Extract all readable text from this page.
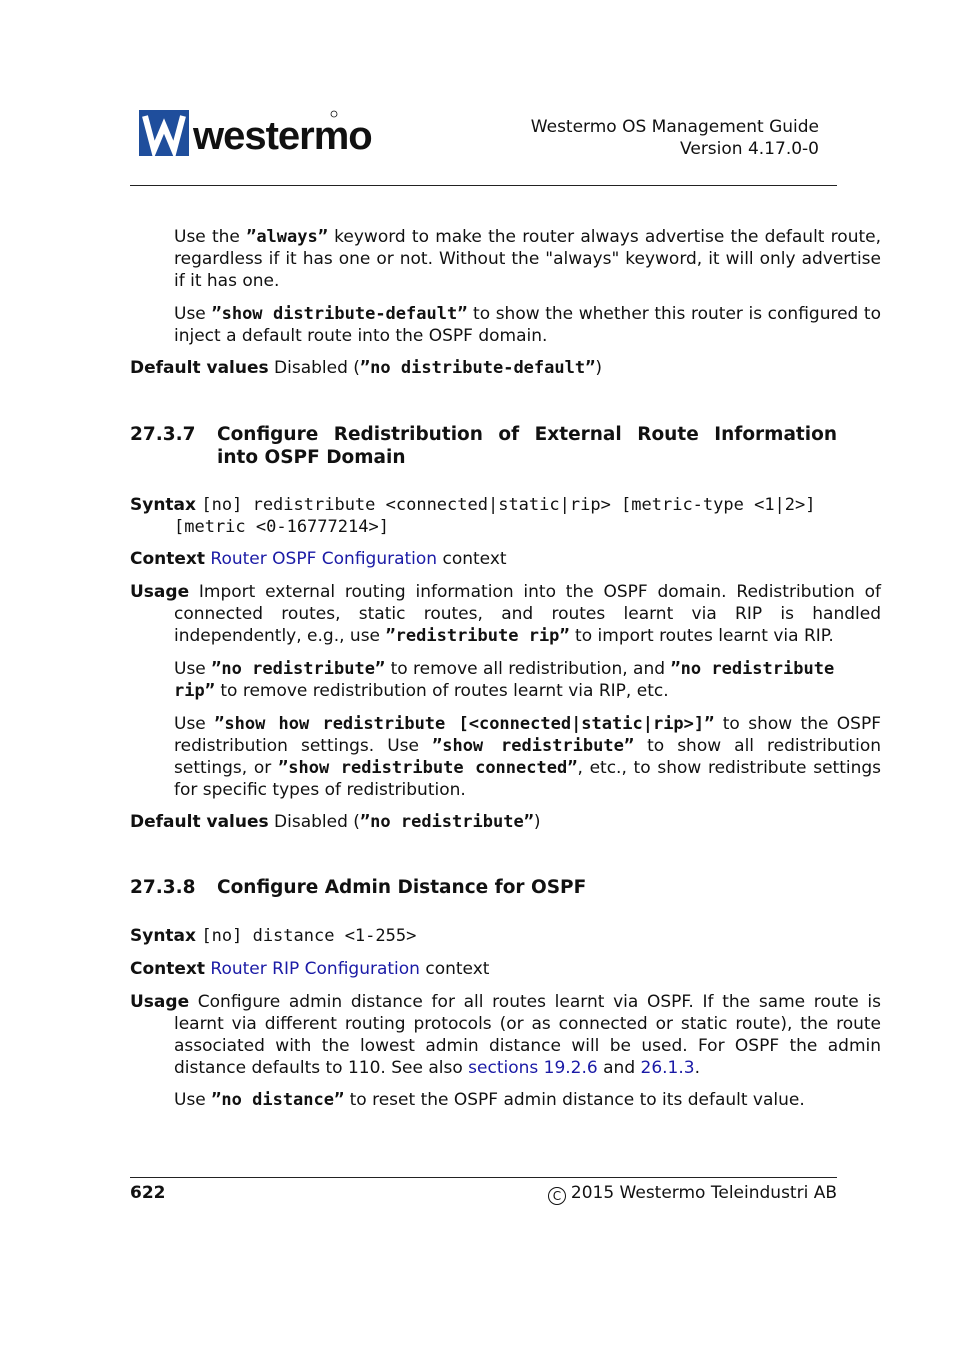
westermo	Westermo OS Management Guide
Version 4.17.0-0

Use the ”always” keyword to make the router always advertise the default route, regardless if it has one or not. Without the "always" keyword, it will only advertise if it has one.

Use ”show distribute-default” to show the whether this router is configured to inject a default route into the OSPF domain.

Default values Disabled (”no distribute-default”)
27.3.7 Configure Redistribution of External Route Information into OSPF Domain
Syntax [no] redistribute <connected|static|rip> [metric-type <1|2>] [metric <0-16777214>]
Context Router OSPF Configuration context
Usage Import external routing information into the OSPF domain. Redistribution of connected routes, static routes, and routes learnt via RIP is handled independently, e.g., use ”redistribute rip” to import routes learnt via RIP.

Use ”no redistribute” to remove all redistribution, and ”no redistribute rip” to remove redistribution of routes learnt via RIP, etc.

Use ”show how redistribute [<connected|static|rip>]” to show the OSPF redistribution settings. Use ”show redistribute” to show all redistribution settings, or ”show redistribute connected”, etc., to show redistribute settings for specific types of redistribution.

Default values Disabled (”no redistribute”)
27.3.8 Configure Admin Distance for OSPF
Syntax [no] distance <1-255>
Context Router RIP Configuration context
Usage Configure admin distance for all routes learnt via OSPF. If the same route is learnt via different routing protocols (or as connected or static route), the route associated with the lowest admin distance will be used. For OSPF the admin distance defaults to 110. See also sections 19.2.6 and 26.1.3.

Use ”no distance” to reset the OSPF admin distance to its default value.

622	C 2015 Westermo Teleindustri AB
